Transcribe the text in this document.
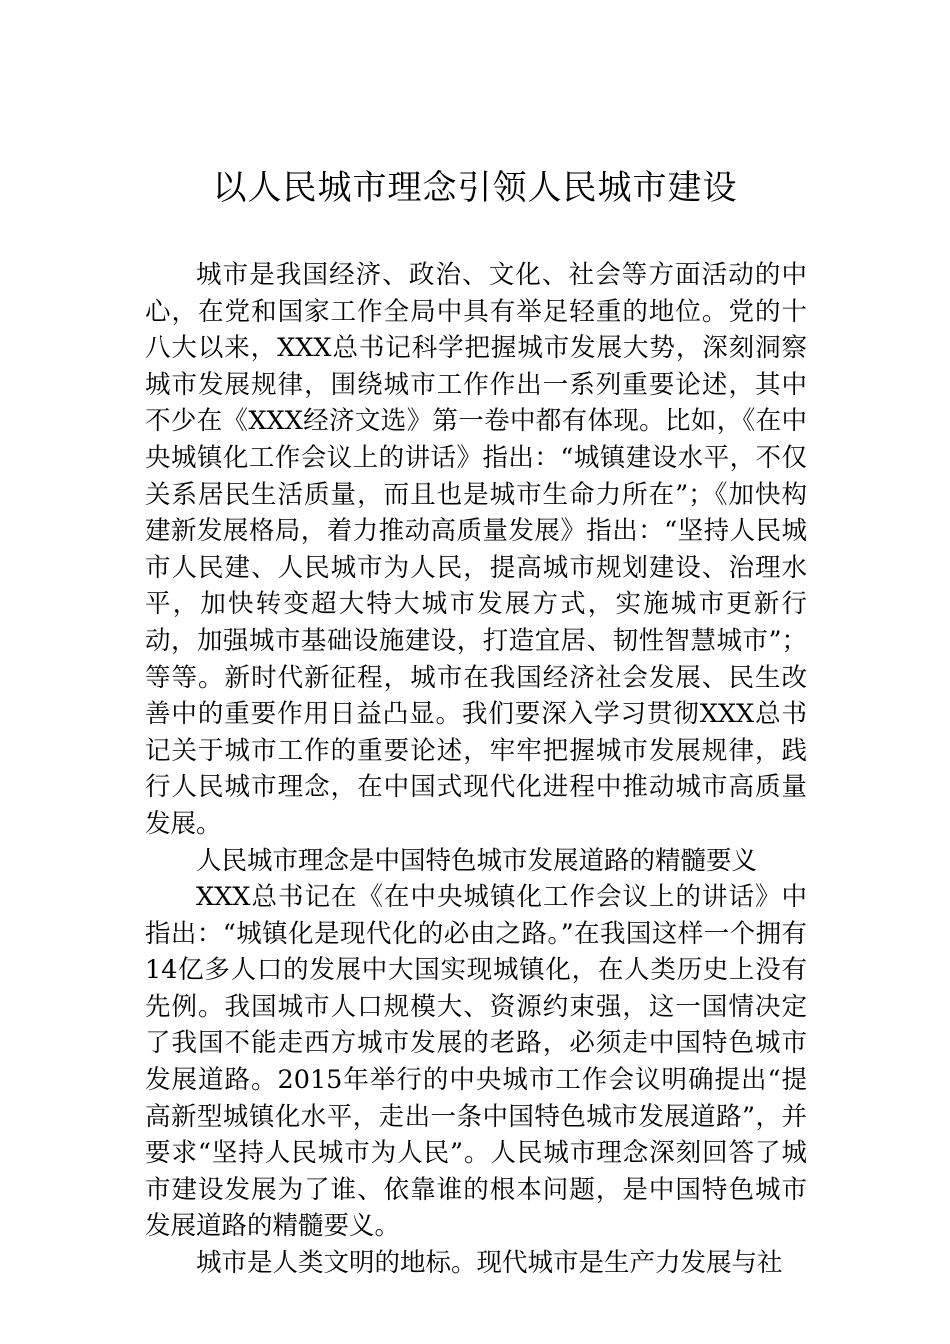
以人民城市理念引领人民城市建设

城市是我国经济、政治、文化、社会等方面活动的中心，在党和国家工作全局中具有举足轻重的地位。党的十八大以来，XXX总书记科学把握城市发展大势，深刻洞察城市发展规律，围绕城市工作作出一系列重要论述，其中不少在《XXX经济文选》第一卷中都有体现。比如，《在中央城镇化工作会议上的讲话》指出：“城镇建设水平，不仅关系居民生活质量，而且也是城市生命力所在”；《加快构建新发展格局，着力推动高质量发展》指出：“坚持人民城市人民建、人民城市为人民，提高城市规划建设、治理水平，加快转变超大特大城市发展方式，实施城市更新行动，加强城市基础设施建设，打造宜居、韧性智慧城市”；等等。新时代新征程，城市在我国经济社会发展、民生改善中的重要作用日益凸显。我们要深入学习贯彻XXX总书记关于城市工作的重要论述，牢牢把握城市发展规律，践行人民城市理念，在中国式现代化进程中推动城市高质量发展。

人民城市理念是中国特色城市发展道路的精髓要义

XXX总书记在《在中央城镇化工作会议上的讲话》中指出：“城镇化是现代化的必由之路。”在我国这样一个拥有14亿多人口的发展中大国实现城镇化，在人类历史上没有先例。我国城市人口规模大、资源约束强，这一国情决定了我国不能走西方城市发展的老路，必须走中国特色城市发展道路。2015年举行的中央城市工作会议明确提出“提高新型城镇化水平，走出一条中国特色城市发展道路”，并要求“坚持人民城市为人民”。人民城市理念深刻回答了城市建设发展为了谁、依靠谁的根本问题，是中国特色城市发展道路的精髓要义。

城市是人类文明的地标。现代城市是生产力发展与社
